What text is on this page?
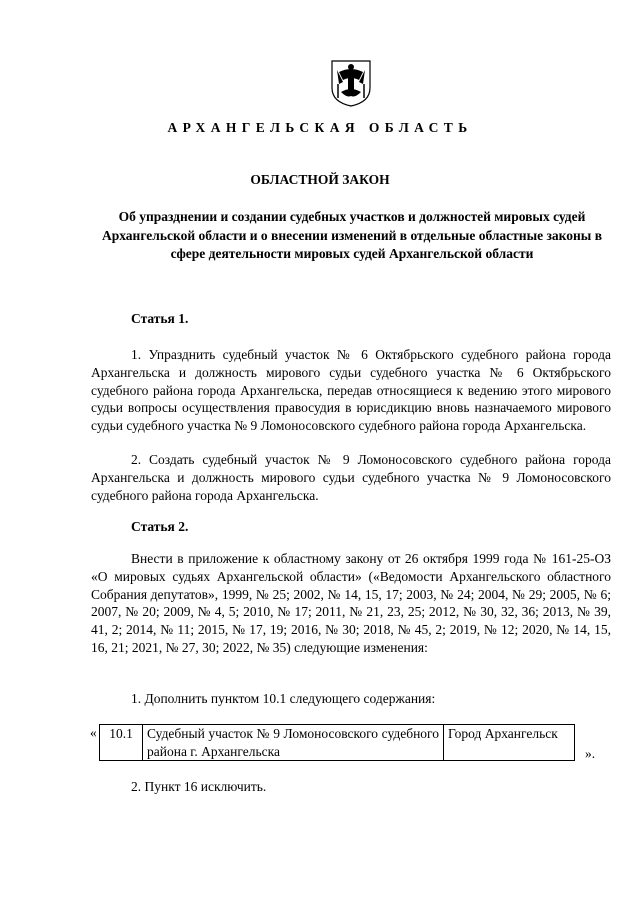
АРХАНГЕЛЬСКАЯ ОБЛАСТЬ
ОБЛАСТНОЙ ЗАКОН
Об упразднении и создании судебных участков и должностей мировых судей Архангельской области и о внесении изменений в отдельные областные законы в сфере деятельности мировых судей Архангельской области
Статья 1.

1. Упразднить судебный участок № 6 Октябрьского судебного района города Архангельска и должность мирового судьи судебного участка № 6 Октябрьского судебного района города Архангельска, передав относящиеся к ведению этого мирового судьи вопросы осуществления правосудия в юрисдикцию вновь назначаемого мирового судьи судебного участка № 9 Ломоносовского судебного района города Архангельска.

2. Создать судебный участок № 9 Ломоносовского судебного района города Архангельска и должность мирового судьи судебного участка № 9 Ломоносовского судебного района города Архангельска.

Статья 2.

Внести в приложение к областному закону от 26 октября 1999 года № 161-25-ОЗ «О мировых судьях Архангельской области» («Ведомости Архангельского областного Собрания депутатов», 1999, № 25; 2002, № 14, 15, 17; 2003, № 24; 2004, № 29; 2005, № 6; 2007, № 20; 2009, № 4, 5; 2010, № 17; 2011, № 21, 23, 25; 2012, № 30, 32, 36; 2013, № 39, 41, 2; 2014, № 11; 2015, № 17, 19; 2016, № 30; 2018, № 45, 2; 2019, № 12; 2020, № 14, 15, 16, 21; 2021, № 27, 30; 2022, № 35) следующие изменения:

1. Дополнить пунктом 10.1 следующего содержания:

« 10.1	Судебный участок № 9 Ломоносовского судебного района г. Архангельска	Город Архангельск
».

2. Пункт 16 исключить.
